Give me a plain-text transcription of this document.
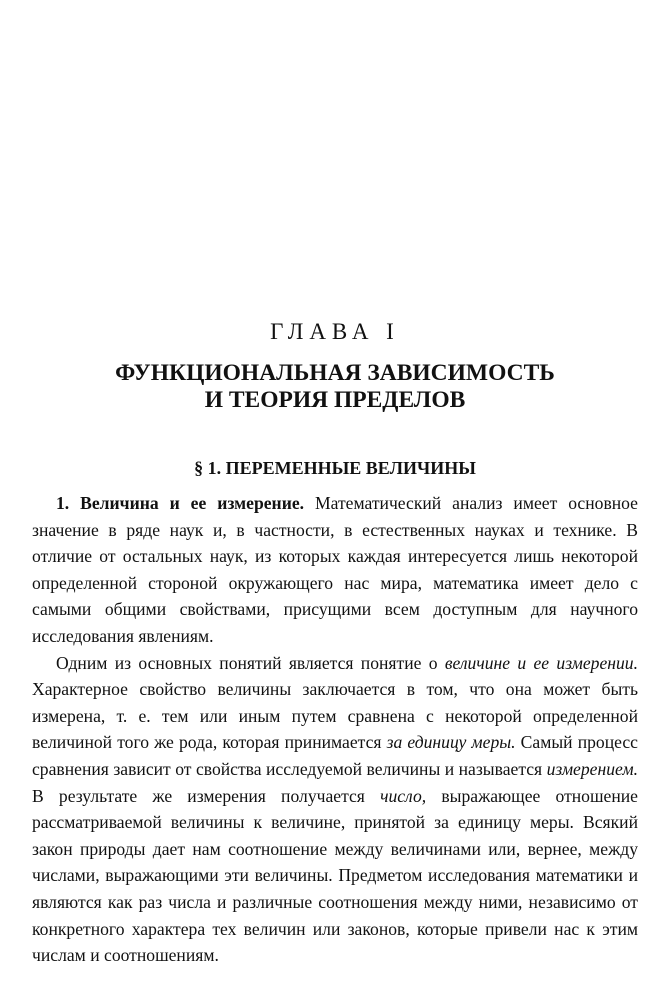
ГЛАВА I
ФУНКЦИОНАЛЬНАЯ ЗАВИСИМОСТЬ
И ТЕОРИЯ ПРЕДЕЛОВ
§ 1. ПЕРЕМЕННЫЕ ВЕЛИЧИНЫ

1. Величина и ее измерение. Математический анализ имеет основное значение в ряде наук и, в частности, в естественных науках и технике. В отличие от остальных наук, из которых каждая интересуется лишь некоторой определенной стороной окружающего нас мира, математика имеет дело с самыми общими свойствами, присущими всем доступным для научного исследования явлениям.

Одним из основных понятий является понятие о величине и ее измерении. Характерное свойство величины заключается в том, что она может быть измерена, т. е. тем или иным путем сравнена с некоторой определенной величиной того же рода, которая принимается за единицу меры. Самый процесс сравнения зависит от свойства исследуемой величины и называется измерением. В результате же измерения получается число, выражающее отношение рассматриваемой величины к величине, принятой за единицу меры. Всякий закон природы дает нам соотношение между величинами или, вернее, между числами, выражающими эти величины. Предметом исследования математики и являются как раз числа и различные соотношения между ними, независимо от конкретного характера тех величин или законов, которые привели нас к этим числам и соотношениям.
